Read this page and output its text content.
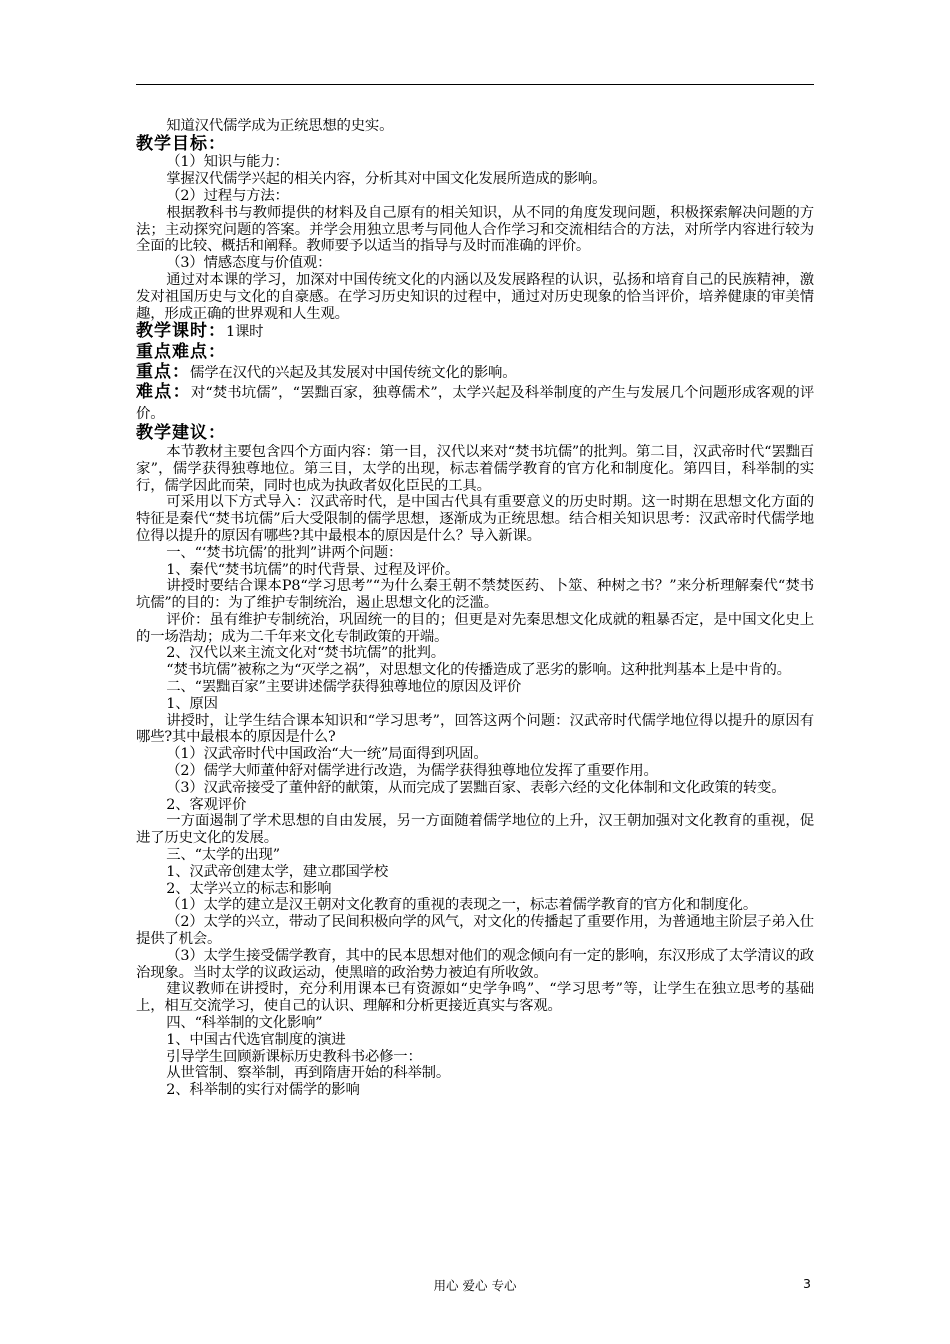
知道汉代儒学成为正统思想的史实。

教学目标：

（1）知识与能力：

掌握汉代儒学兴起的相关内容，分析其对中国文化发展所造成的影响。

（2）过程与方法：

根据教科书与教师提供的材料及自己原有的相关知识，从不同的角度发现问题，积极探索解决问题的方法；主动探究问题的答案。并学会用独立思考与同他人合作学习和交流相结合的方法，对所学内容进行较为全面的比较、概括和阐释。教师要予以适当的指导与及时而准确的评价。

（3）情感态度与价值观：

通过对本课的学习，加深对中国传统文化的内涵以及发展路程的认识，弘扬和培育自己的民族精神，激发对祖国历史与文化的自豪感。在学习历史知识的过程中，通过对历史现象的恰当评价，培养健康的审美情趣，形成正确的世界观和人生观。

教学课时：1课时

重点难点：

重点：儒学在汉代的兴起及其发展对中国传统文化的影响。

难点：对“焚书坑儒”，“罢黜百家，独尊儒术”，太学兴起及科举制度的产生与发展几个问题形成客观的评价。

教学建议：

本节教材主要包含四个方面内容：第一目，汉代以来对“焚书坑儒”的批判。第二目，汉武帝时代“罢黜百家”，儒学获得独尊地位。第三目，太学的出现，标志着儒学教育的官方化和制度化。第四目，科举制的实行，儒学因此而荣，同时也成为执政者奴化臣民的工具。

可采用以下方式导入：汉武帝时代，是中国古代具有重要意义的历史时期。这一时期在思想文化方面的特征是秦代“焚书坑儒”后大受限制的儒学思想，逐渐成为正统思想。结合相关知识思考：汉武帝时代儒学地位得以提升的原因有哪些?其中最根本的原因是什么？导入新课。

一、“‘焚书坑儒’的批判”讲两个问题：

1、秦代“焚书坑儒”的时代背景、过程及评价。

讲授时要结合课本P8“学习思考”“为什么秦王朝不禁焚医药、卜筮、种树之书？”来分析理解秦代“焚书坑儒”的目的：为了维护专制统治，遏止思想文化的泛滥。

评价：虽有维护专制统治，巩固统一的目的；但更是对先秦思想文化成就的粗暴否定，是中国文化史上的一场浩劫；成为二千年来文化专制政策的开端。

2、汉代以来主流文化对“焚书坑儒”的批判。

“焚书坑儒”被称之为“灭学之祸”，对思想文化的传播造成了恶劣的影响。这种批判基本上是中肯的。

二、“罢黜百家”主要讲述儒学获得独尊地位的原因及评价

1、原因

讲授时，让学生结合课本知识和“学习思考”，回答这两个问题：汉武帝时代儒学地位得以提升的原因有哪些?其中最根本的原因是什么?

（1）汉武帝时代中国政治“大一统”局面得到巩固。

（2）儒学大师董仲舒对儒学进行改造，为儒学获得独尊地位发挥了重要作用。

（3）汉武帝接受了董仲舒的献策，从而完成了罢黜百家、表彰六经的文化体制和文化政策的转变。

2、客观评价

一方面遏制了学术思想的自由发展，另一方面随着儒学地位的上升，汉王朝加强对文化教育的重视，促进了历史文化的发展。

三、“太学的出现”

1、汉武帝创建太学，建立郡国学校

2、太学兴立的标志和影响

（1）太学的建立是汉王朝对文化教育的重视的表现之一，标志着儒学教育的官方化和制度化。

（2）太学的兴立，带动了民间积极向学的风气，对文化的传播起了重要作用，为普通地主阶层子弟入仕提供了机会。

（3）太学生接受儒学教育，其中的民本思想对他们的观念倾向有一定的影响，东汉形成了太学清议的政治现象。当时太学的议政运动，使黑暗的政治势力被迫有所收敛。

建议教师在讲授时，充分利用课本已有资源如“史学争鸣”、“学习思考”等，让学生在独立思考的基础上，相互交流学习，使自己的认识、理解和分析更接近真实与客观。

四、“科举制的文化影响”

1、中国古代选官制度的演进

引导学生回顾新课标历史教科书必修一：

从世管制、察举制，再到隋唐开始的科举制。

2、科举制的实行对儒学的影响

用心 爱心 专心	3
